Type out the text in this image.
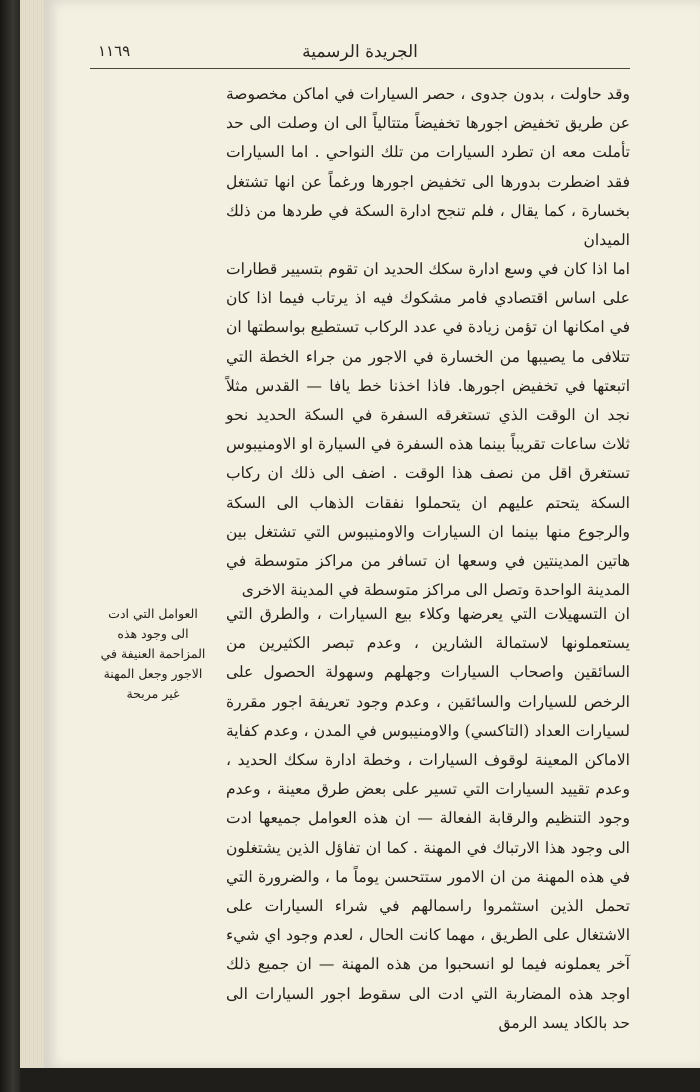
١١٦٩	الجريدة الرسمية

وقد حاولت ، بدون جدوى ، حصر السيارات في اماكن مخصوصة عن طريق تخفيض اجورها تخفيضاً متتالياً الى ان وصلت الى حد تأملت معه ان تطرد السيارات من تلك النواحي . اما السيارات فقد اضطرت بدورها الى تخفيض اجورها ورغماً عن انها تشتغل بخسارة ، كما يقال ، فلم تنجح ادارة السكة في طردها من ذلك الميدان

اما اذا كان في وسع ادارة سكك الحديد ان تقوم بتسيير قطارات على اساس اقتصادي فامر مشكوك فيه اذ يرتاب فيما اذا كان في امكانها ان تؤمن زيادة في عدد الركاب تستطيع بواسطتها ان تتلافى ما يصيبها من الخسارة في الاجور من جراء الخطة التي اتبعتها في تخفيض اجورها. فاذا اخذنا خط يافا — القدس مثلاً نجد ان الوقت الذي تستغرقه السفرة في السكة الحديد نحو ثلاث ساعات تقريباً بينما هذه السفرة في السيارة او الاومنيبوس تستغرق اقل من نصف هذا الوقت . اضف الى ذلك ان ركاب السكة يتحتم عليهم ان يتحملوا نفقات الذهاب الى السكة والرجوع منها بينما ان السيارات والاومنيبوس التي تشتغل بين هاتين المدينتين في وسعها ان تسافر من مراكز متوسطة في المدينة الواحدة وتصل الى مراكز متوسطة في المدينة الاخرى

العوامل التي ادت الى وجود هذه المزاحمة العنيفة في الاجور وجعل المهنة غير مربحة

ان التسهيلات التي يعرضها وكلاء بيع السيارات ، والطرق التي يستعملونها لاستمالة الشارين ، وعدم تبصر الكثيرين من السائقين واصحاب السيارات وجهلهم وسهولة الحصول على الرخص للسيارات والسائقين ، وعدم وجود تعريفة اجور مقررة لسيارات العداد (التاكسي) والاومنيبوس في المدن ، وعدم كفاية الاماكن المعينة لوقوف السيارات ، وخطة ادارة سكك الحديد ، وعدم تقييد السيارات التي تسير على بعض طرق معينة ، وعدم وجود التنظيم والرقابة الفعالة — ان هذه العوامل جميعها ادت الى وجود هذا الارتباك في المهنة . كما ان تفاؤل الذين يشتغلون في هذه المهنة من ان الامور ستتحسن يوماً ما ، والضرورة التي تحمل الذين استثمروا راسمالهم في شراء السيارات على الاشتغال على الطريق ، مهما كانت الحال ، لعدم وجود اي شيء آخر يعملونه فيما لو انسحبوا من هذه المهنة — ان جميع ذلك اوجد هذه المضاربة التي ادت الى سقوط اجور السيارات الى حد بالكاد يسد الرمق
